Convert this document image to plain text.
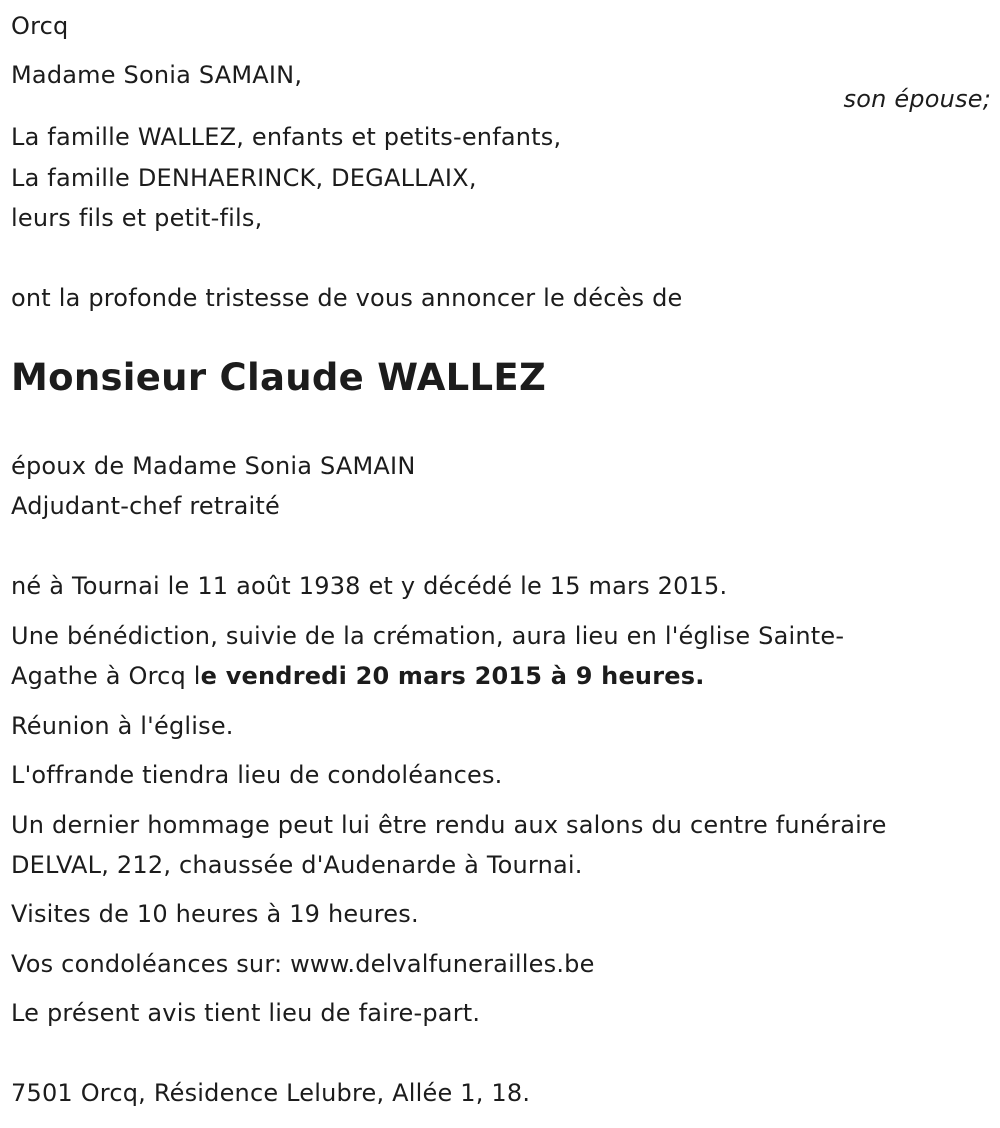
Orcq
Madame Sonia SAMAIN,
son épouse;
La famille WALLEZ, enfants et petits-enfants,
La famille DENHAERINCK, DEGALLAIX,
leurs fils et petit-fils,
ont la profonde tristesse de vous annoncer le décès de
Monsieur Claude WALLEZ
époux de Madame Sonia SAMAIN
Adjudant-chef retraité
né à Tournai le 11 août 1938 et y décédé le 15 mars 2015.
Une bénédiction, suivie de la crémation, aura lieu en l'église Sainte-
Agathe à Orcq le vendredi 20 mars 2015 à 9 heures.
Réunion à l'église.
L'offrande tiendra lieu de condoléances.
Un dernier hommage peut lui être rendu aux salons du centre funéraire
DELVAL, 212, chaussée d'Audenarde à Tournai.
Visites de 10 heures à 19 heures.
Vos condoléances sur: www.delvalfunerailles.be
Le présent avis tient lieu de faire-part.
7501 Orcq, Résidence Lelubre, Allée 1, 18.
